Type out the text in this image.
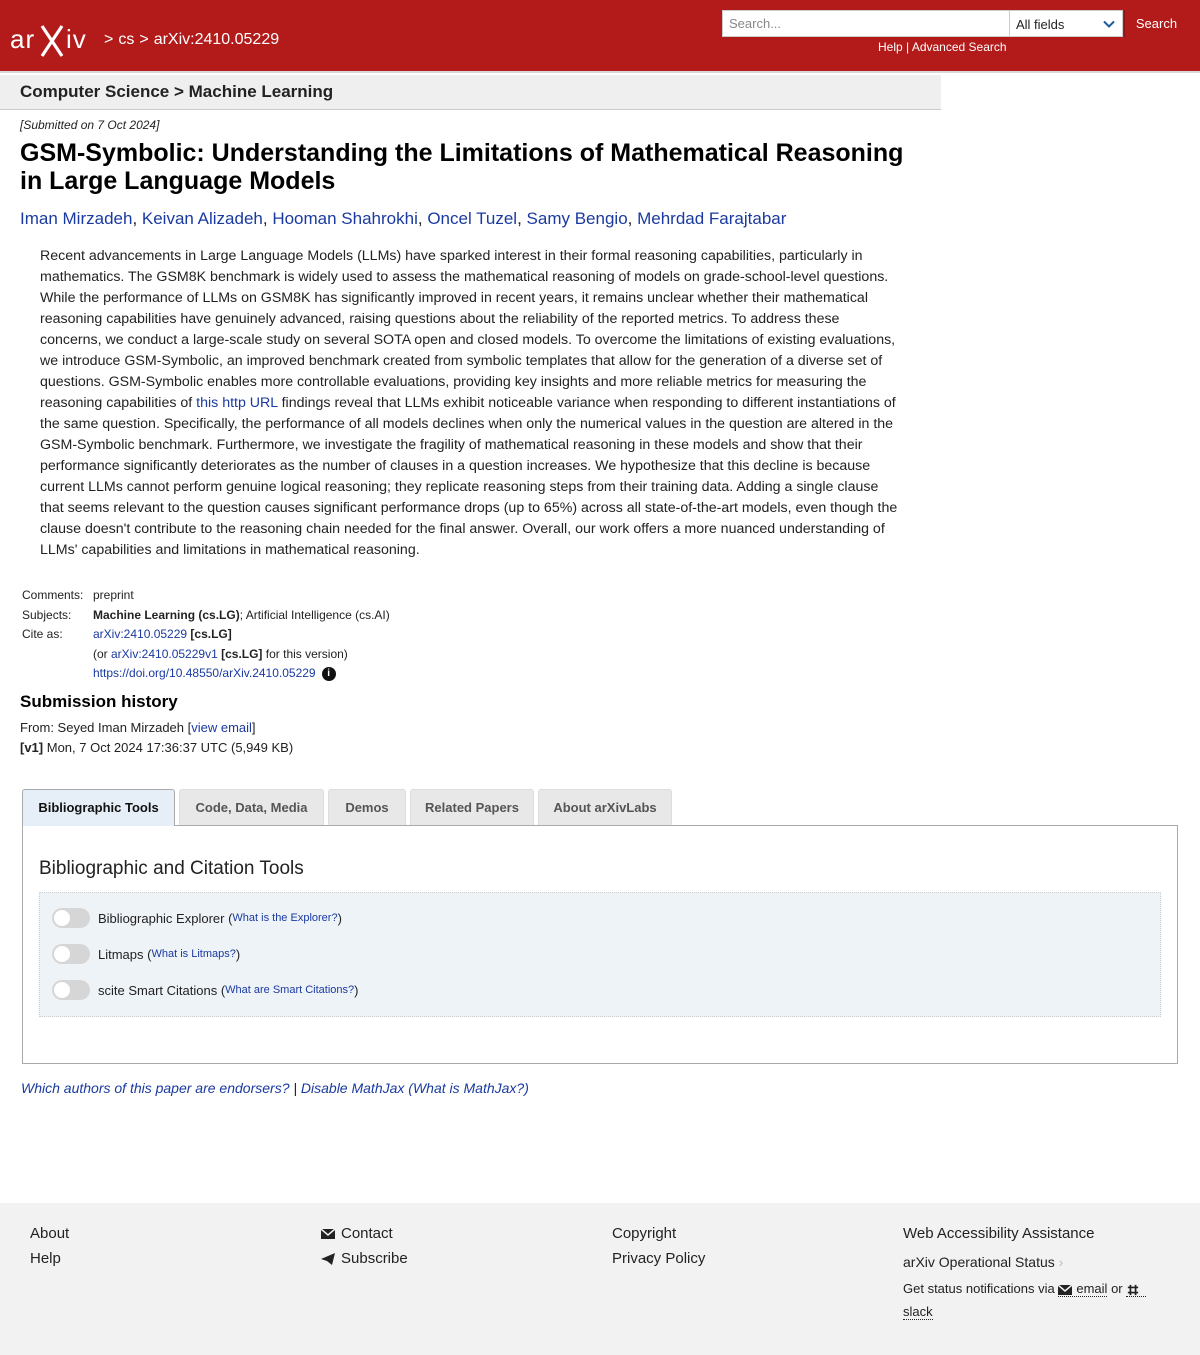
ar iv > cs > arXiv:2410.05229
Search...
All fields	Search
Help | Advanced Search
Computer Science > Machine Learning
[Submitted on 7 Oct 2024]
GSM-Symbolic: Understanding the Limitations of Mathematical Reasoning in Large Language Models
Iman Mirzadeh, Keivan Alizadeh, Hooman Shahrokhi, Oncel Tuzel, Samy Bengio, Mehrdad Farajtabar
Recent advancements in Large Language Models (LLMs) have sparked interest in their formal reasoning capabilities, particularly in mathematics. The GSM8K benchmark is widely used to assess the mathematical reasoning of models on grade-school-level questions. While the performance of LLMs on GSM8K has significantly improved in recent years, it remains unclear whether their mathematical reasoning capabilities have genuinely advanced, raising questions about the reliability of the reported metrics. To address these concerns, we conduct a large-scale study on several SOTA open and closed models. To overcome the limitations of existing evaluations, we introduce GSM-Symbolic, an improved benchmark created from symbolic templates that allow for the generation of a diverse set of questions. GSM-Symbolic enables more controllable evaluations, providing key insights and more reliable metrics for measuring the reasoning capabilities of this http URL findings reveal that LLMs exhibit noticeable variance when responding to different instantiations of the same question. Specifically, the performance of all models declines when only the numerical values in the question are altered in the GSM-Symbolic benchmark. Furthermore, we investigate the fragility of mathematical reasoning in these models and show that their performance significantly deteriorates as the number of clauses in a question increases. We hypothesize that this decline is because current LLMs cannot perform genuine logical reasoning; they replicate reasoning steps from their training data. Adding a single clause that seems relevant to the question causes significant performance drops (up to 65%) across all state-of-the-art models, even though the clause doesn't contribute to the reasoning chain needed for the final answer. Overall, our work offers a more nuanced understanding of LLMs' capabilities and limitations in mathematical reasoning.
Comments: preprint
Subjects:	Machine Learning (cs.LG); Artificial Intelligence (cs.AI)
Cite as:	arXiv:2410.05229 [cs.LG]
(or arXiv:2410.05229v1 [cs.LG] for this version)
https://doi.org/10.48550/arXiv.2410.05229 i
Submission history
From: Seyed Iman Mirzadeh [view email]
[v1] Mon, 7 Oct 2024 17:36:37 UTC (5,949 KB)
Bibliographic Tools	Code, Data, Media	Demos	Related Papers	About arXivLabs
Bibliographic and Citation Tools
Bibliographic Explorer ( What is the Explorer? )
Litmaps ( What is Litmaps? )
scite Smart Citations ( What are Smart Citations? )
Which authors of this paper are endorsers? | Disable MathJax (What is MathJax?)
About
Help
Contact
Subscribe
Copyright
Privacy Policy
Web Accessibility Assistance
arXiv Operational Status ›
Get status notifications via email or
slack
